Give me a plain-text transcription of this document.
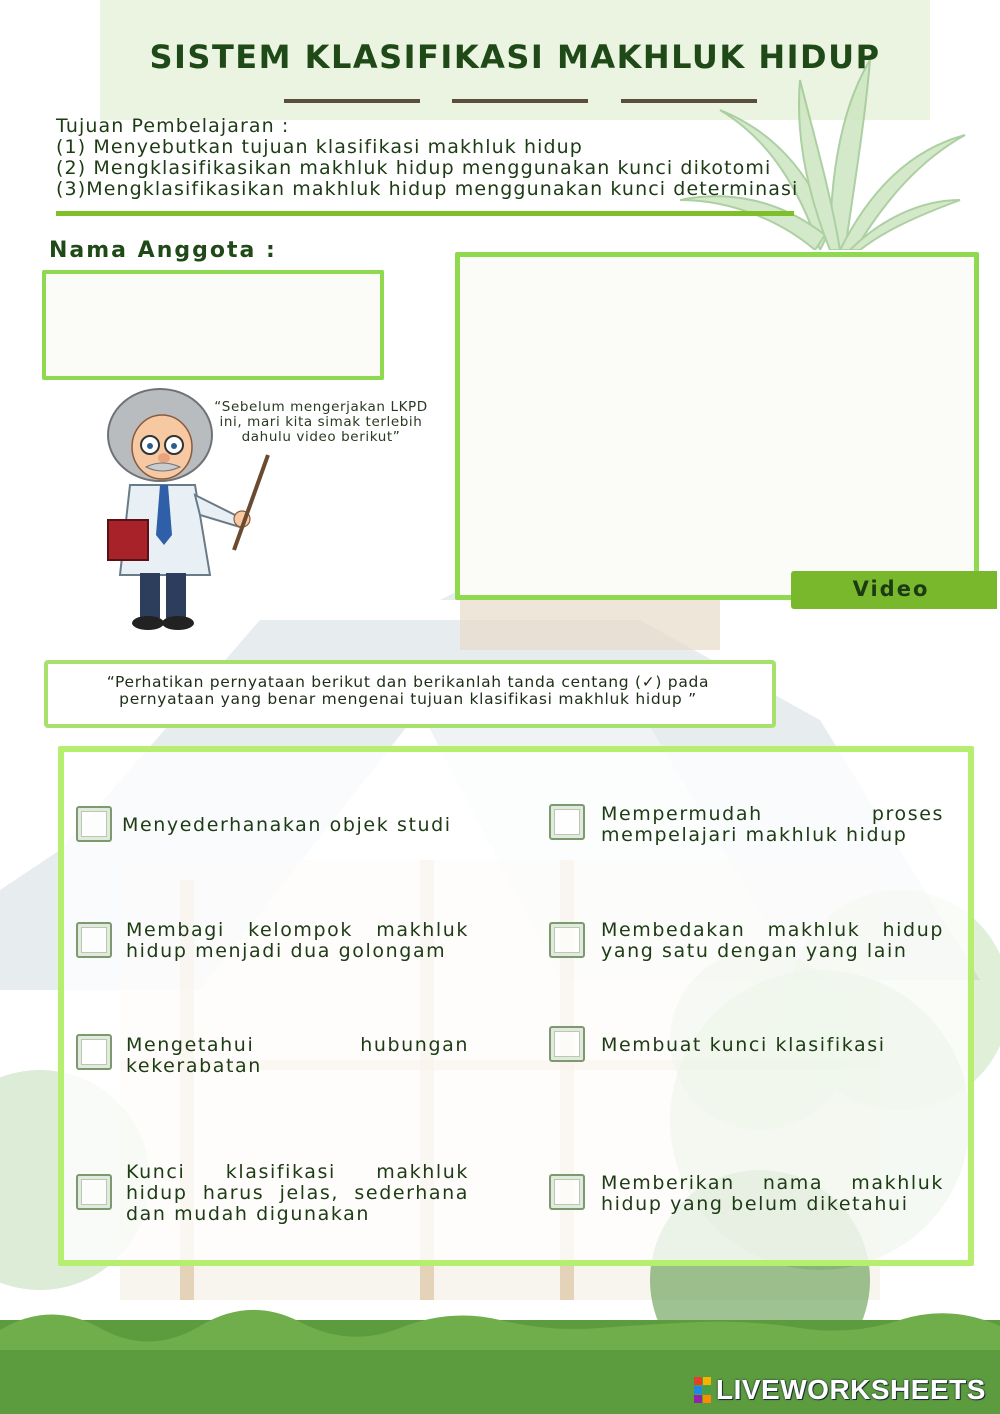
SISTEM KLASIFIKASI MAKHLUK HIDUP
Tujuan Pembelajaran :
(1) Menyebutkan tujuan klasifikasi makhluk hidup
(2) Mengklasifikasikan makhluk hidup menggunakan kunci dikotomi
(3)Mengklasifikasikan makhluk hidup menggunakan kunci determinasi
Nama Anggota :
Video
“Sebelum mengerjakan LKPD ini, mari kita simak terlebih dahulu video berikut”
“Perhatikan pernyataan berikut dan berikanlah tanda centang (✓) pada pernyataan yang benar mengenai tujuan klasifikasi makhluk hidup ”
Menyederhanakan objek studi
Membagi kelompok makhluk hidup menjadi dua golongam
Mengetahui hubungan kekerabatan
Kunci klasifikasi makhluk hidup harus jelas, sederhana dan mudah digunakan
Mempermudah proses mempelajari makhluk hidup
Membedakan makhluk hidup yang satu dengan yang lain
Membuat kunci klasifikasi
Memberikan nama makhluk hidup yang belum diketahui
LIVEWORKSHEETS
